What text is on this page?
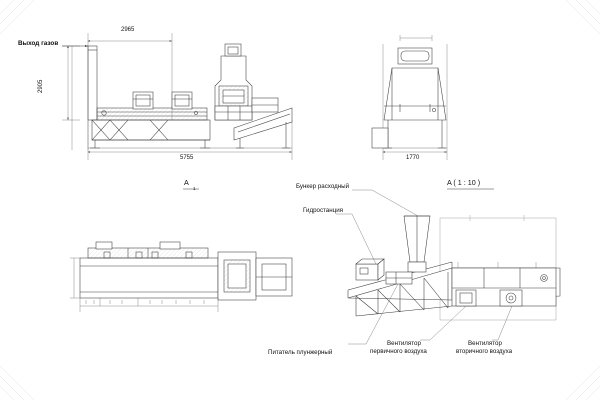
Выход газов
2965
2905
5755
A
1
1770
A ( 1 : 10 )
Бункер расходный
Гидростанция
Питатель плунжерный
Вентилятор
первичного воздуха
Вентилятор
вторичного воздуха
